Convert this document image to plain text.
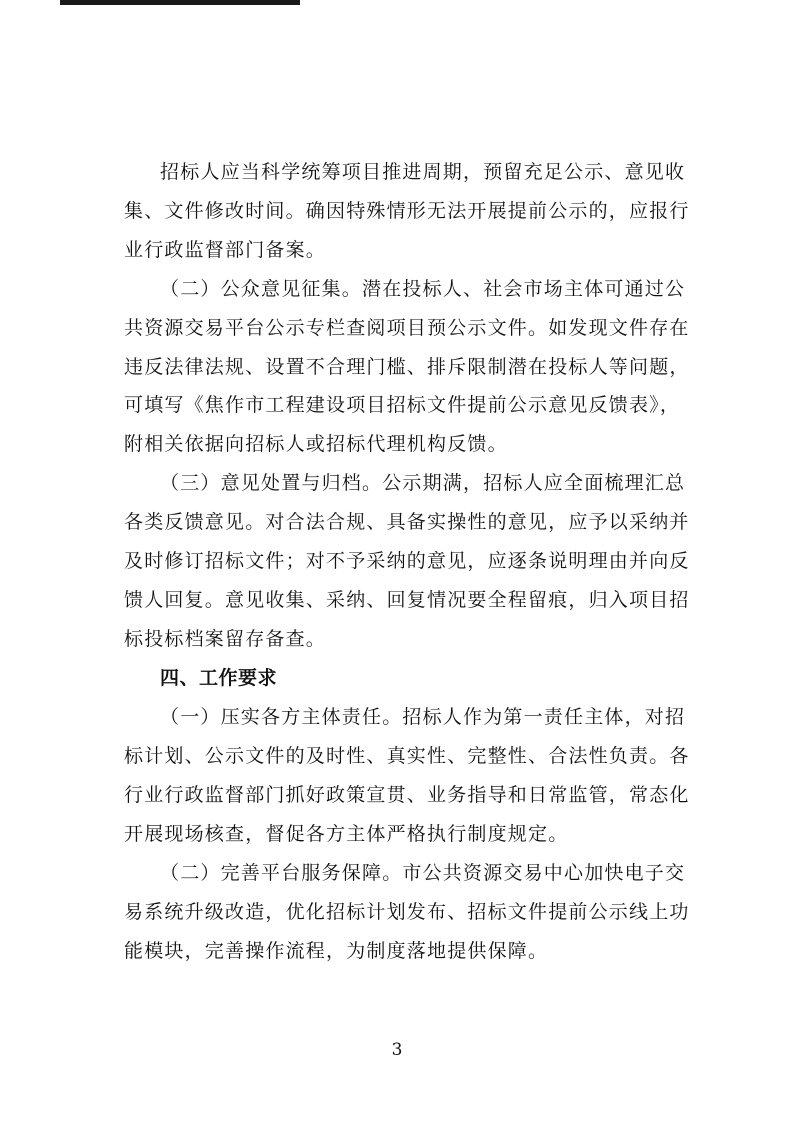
招标人应当科学统筹项目推进周期，预留充足公示、意见收
集、文件修改时间。确因特殊情形无法开展提前公示的，应报行
业行政监督部门备案。
（二）公众意见征集。潜在投标人、社会市场主体可通过公
共资源交易平台公示专栏查阅项目预公示文件。如发现文件存在
违反法律法规、设置不合理门槛、排斥限制潜在投标人等问题，
可填写《焦作市工程建设项目招标文件提前公示意见反馈表》，
附相关依据向招标人或招标代理机构反馈。
（三）意见处置与归档。公示期满，招标人应全面梳理汇总
各类反馈意见。对合法合规、具备实操性的意见，应予以采纳并
及时修订招标文件；对不予采纳的意见，应逐条说明理由并向反
馈人回复。意见收集、采纳、回复情况要全程留痕，归入项目招
标投标档案留存备查。
四、工作要求
（一）压实各方主体责任。招标人作为第一责任主体，对招
标计划、公示文件的及时性、真实性、完整性、合法性负责。各
行业行政监督部门抓好政策宣贯、业务指导和日常监管，常态化
开展现场核查，督促各方主体严格执行制度规定。
（二）完善平台服务保障。市公共资源交易中心加快电子交
易系统升级改造，优化招标计划发布、招标文件提前公示线上功
能模块，完善操作流程，为制度落地提供保障。
3
